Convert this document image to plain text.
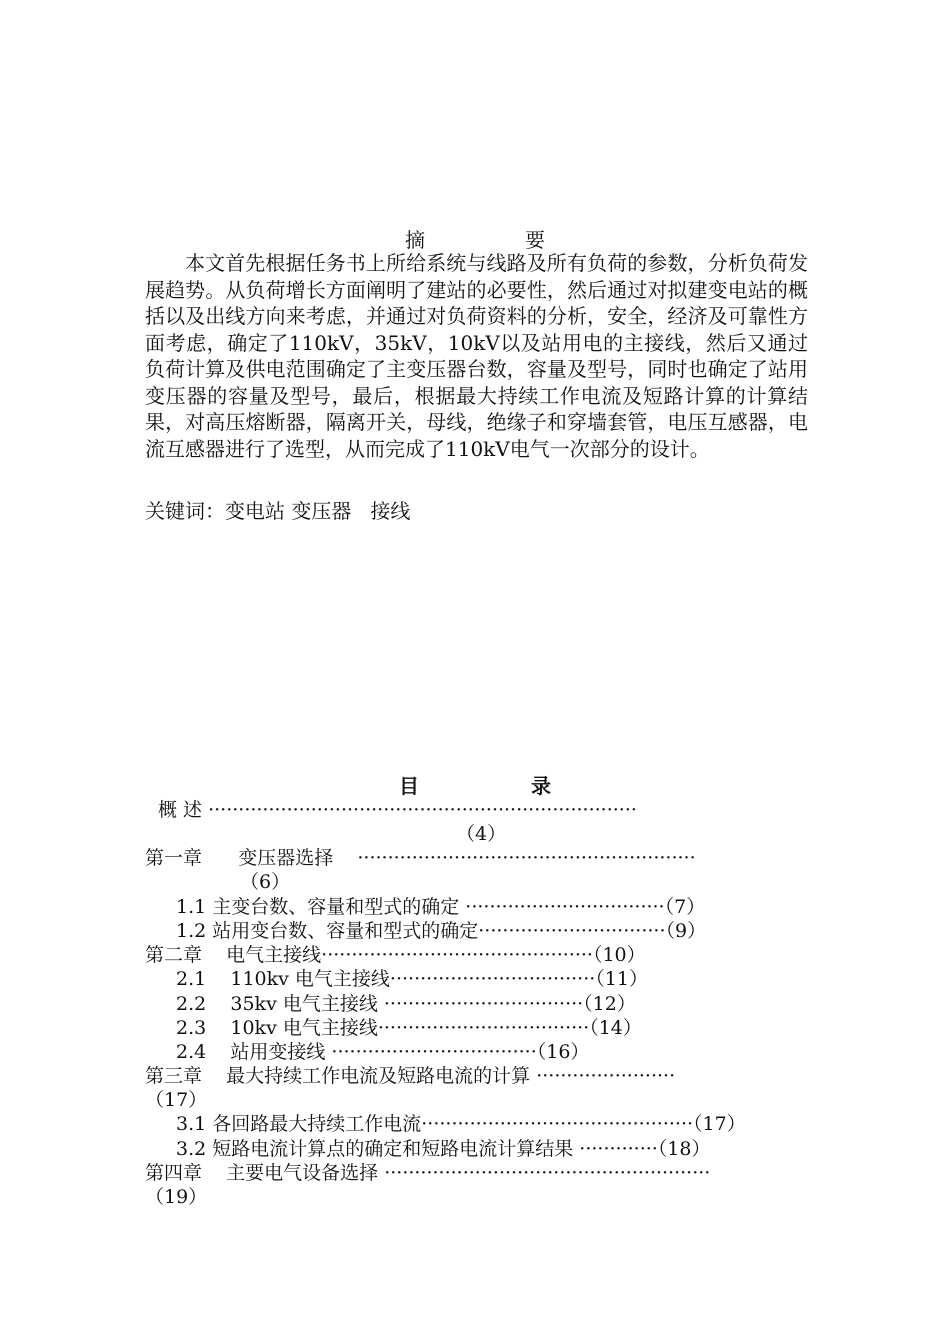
摘	要

本文首先根据任务书上所给系统与线路及所有负荷的参数，分析负荷发展趋势。从负荷增长方面阐明了建站的必要性，然后通过对拟建变电站的概括以及出线方向来考虑，并通过对负荷资料的分析，安全，经济及可靠性方面考虑，确定了110kV，35kV，10kV以及站用电的主接线，然后又通过负荷计算及供电范围确定了主变压器台数，容量及型号，同时也确定了站用变压器的容量及型号，最后，根据最大持续工作电流及短路计算的计算结果，对高压熔断器，隔离开关，母线，绝缘子和穿墙套管，电压互感器，电流互感器进行了选型，从而完成了110kV电气一次部分的设计。

关键词：变电站 变压器   接线
目	录
概 述 ·······································································
（4）
第一章      变压器选择    ························································
（6）
1.1 主变台数、容量和型式的确定 ·································（7）
1.2 站用变台数、容量和型式的确定·······························（9）
第二章    电气主接线·············································（10）
2.1    110kv 电气主接线··································（11）
2.2    35kv 电气主接线 ·································（12）
2.3    10kv 电气主接线···································（14）
2.4    站用变接线 ··································（16）
第三章    最大持续工作电流及短路电流的计算 ·······················
（17）
3.1 各回路最大持续工作电流·············································（17）
3.2 短路电流计算点的确定和短路电流计算结果 ·············（18）
第四章    主要电气设备选择 ······················································
（19）
